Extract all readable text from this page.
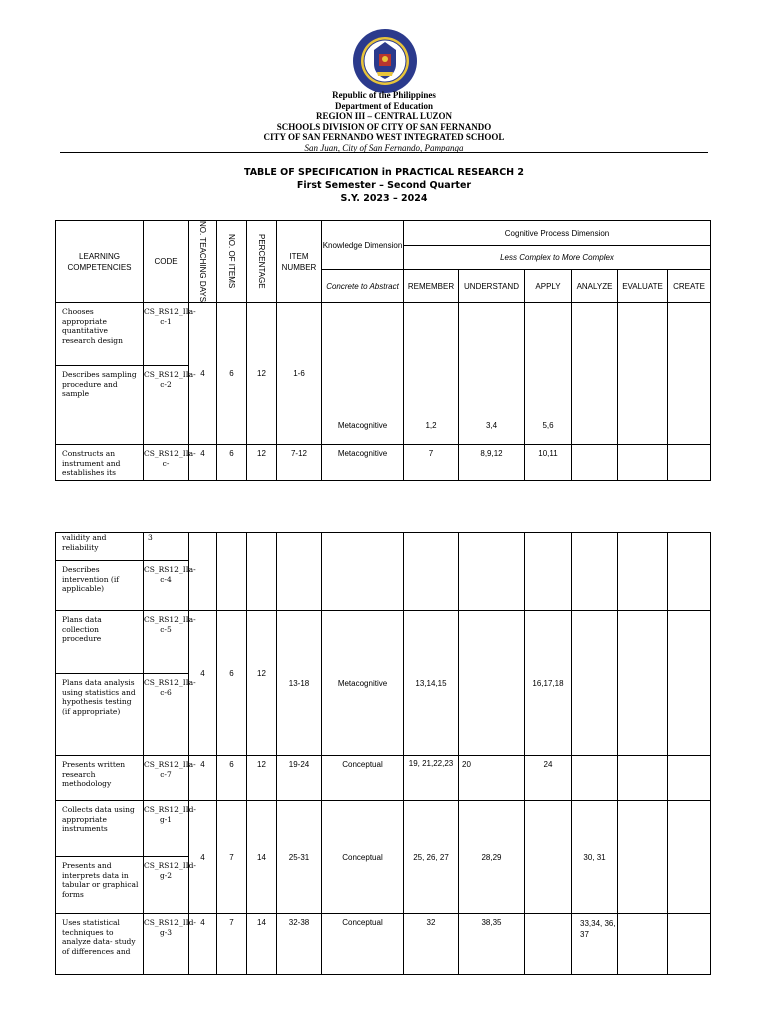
Republic of the Philippines
Department of Education
REGION III – CENTRAL LUZON
SCHOOLS DIVISION OF CITY OF SAN FERNANDO
CITY OF SAN FERNANDO WEST INTEGRATED SCHOOL
San Juan, City of San Fernando, Pampanga
TABLE OF SPECIFICATION in PRACTICAL RESEARCH 2
First Semester – Second Quarter
S.Y. 2023 – 2024
LEARNING COMPETENCIES	CODE	NO. TEACHING DAYS	NO. OF ITEMS	PERCENTAGE	ITEM NUMBER	Knowledge Dimension	Cognitive Process Dimension					
							Less Complex to More Complex					
						Concrete to Abstract	REMEMBER	UNDERSTAND	APPLY	ANALYZE	EVALUATE	CREATE
Chooses appropriate quantitative research design	CS_RS12_IIa-c-1	4	6	12	1-6	Metacognitive	1,2	3,4	5,6			
Describes sampling procedure and sample	CS_RS12_IIa-c-2											
Constructs an instrument and establishes its	CS_RS12_IIa-c-	4	6	12	7-12	Metacognitive	7	8,9,12	10,11			
validity and reliability	3											
Describes intervention (if applicable)	CS_RS12_IIa-c-4											
Plans data collection procedure	CS_RS12_IIa-c-5	4	6	12	13-18	Metacognitive	13,14,15		16,17,18			
Plans data analysis using statistics and hypothesis testing (if appropriate)	CS_RS12_IIa-c-6											
Presents written research methodology	CS_RS12_IIa-c-7	4	6	12	19-24	Conceptual	19, 21,22,23	20	24			
Collects data using appropriate instruments	CS_RS12_IId-g-1	4	7	14	25-31	Conceptual	25, 26, 27	28,29		30, 31		
Presents and interprets data in tabular or graphical forms	CS_RS12_IId-g-2											
Uses statistical techniques to analyze data- study of differences and	CS_RS12_IId-g-3	4	7	14	32-38	Conceptual	32	38,35		33,34, 36, 37		
